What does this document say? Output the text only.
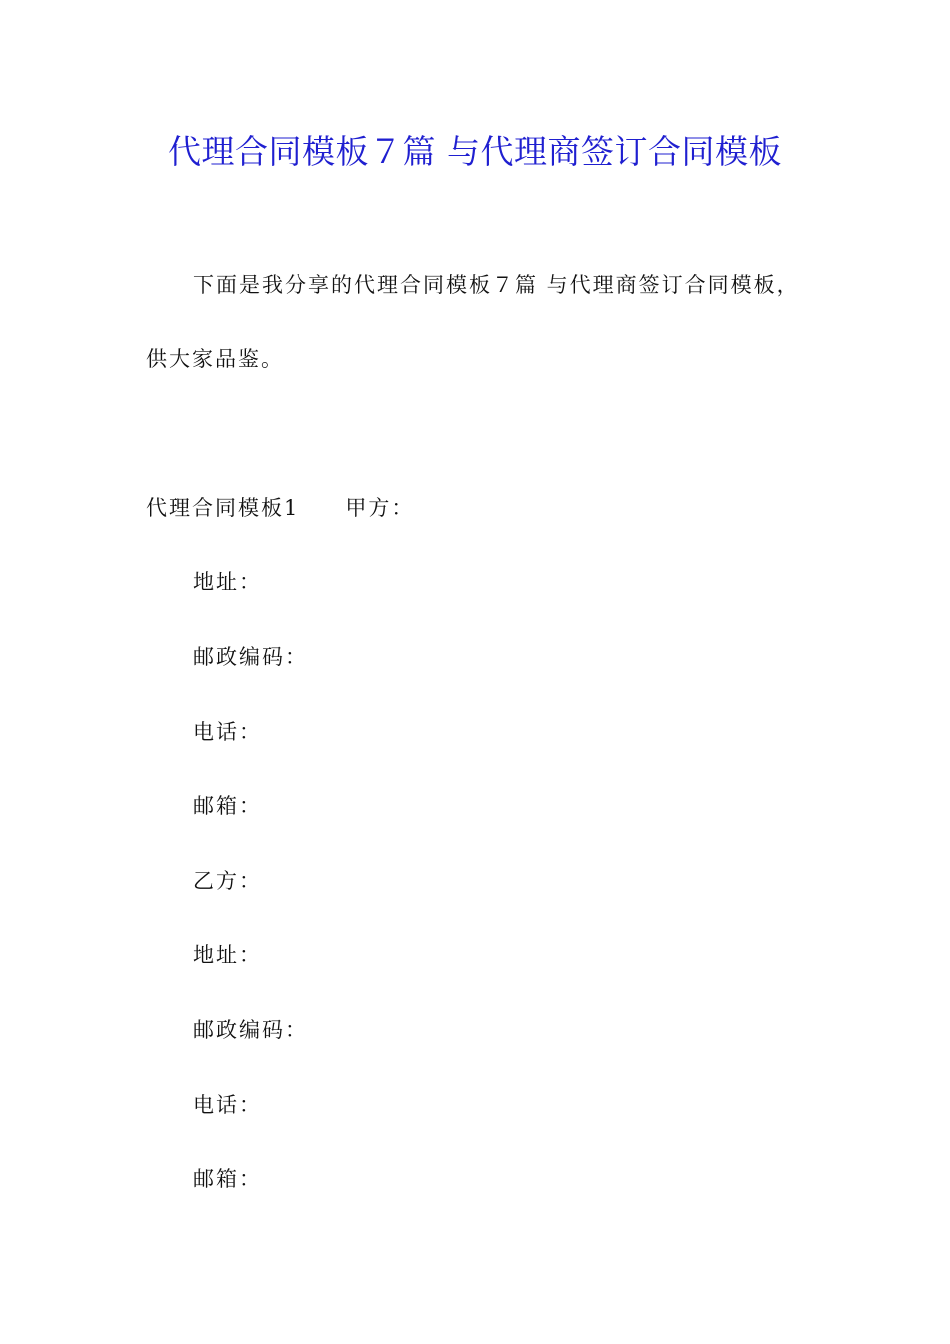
代理合同模板７篇 与代理商签订合同模板
下面是我分享的代理合同模板７篇 与代理商签订合同模板，
供大家品鉴。
代理合同模板1 甲方：
地址：
邮政编码：
电话：
邮箱：
乙方：
地址：
邮政编码：
电话：
邮箱：
